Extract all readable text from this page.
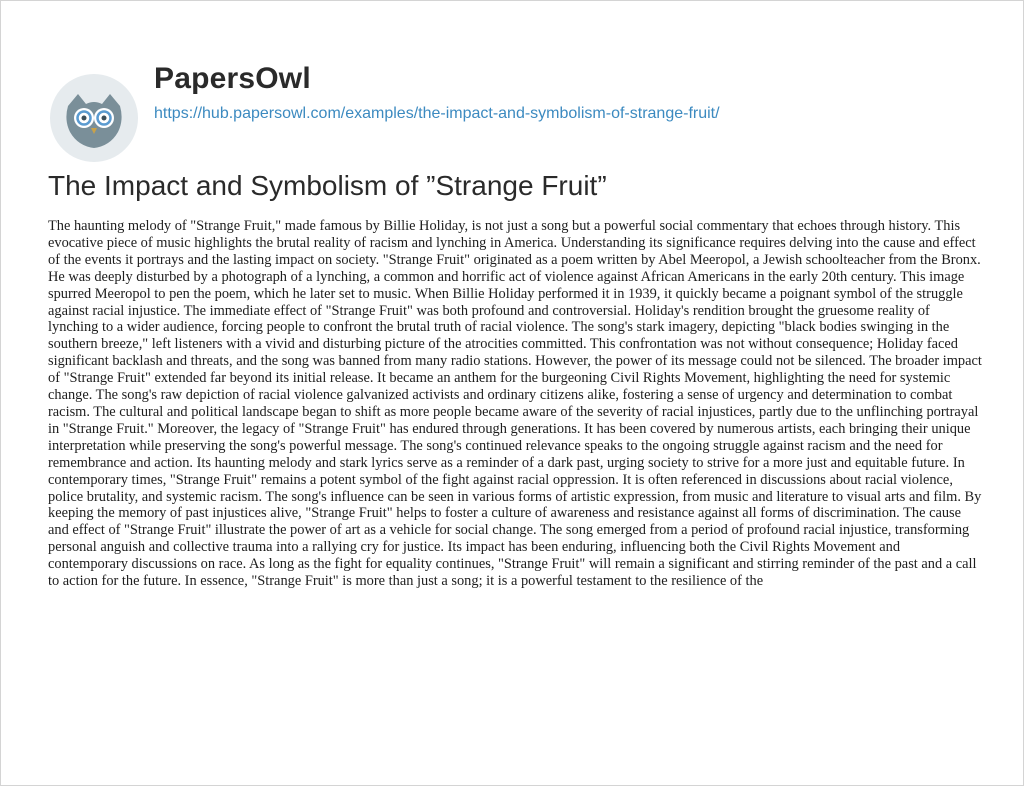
PapersOwl
https://hub.papersowl.com/examples/the-impact-and-symbolism-of-strange-fruit/
The Impact and Symbolism of ”Strange Fruit”

The haunting melody of "Strange Fruit," made famous by Billie Holiday, is not just a song but a powerful social commentary that echoes through history. This evocative piece of music highlights the brutal reality of racism and lynching in America. Understanding its significance requires delving into the cause and effect of the events it portrays and the lasting impact on society. "Strange Fruit" originated as a poem written by Abel Meeropol, a Jewish schoolteacher from the Bronx. He was deeply disturbed by a photograph of a lynching, a common and horrific act of violence against African Americans in the early 20th century. This image spurred Meeropol to pen the poem, which he later set to music. When Billie Holiday performed it in 1939, it quickly became a poignant symbol of the struggle against racial injustice. The immediate effect of "Strange Fruit" was both profound and controversial. Holiday's rendition brought the gruesome reality of lynching to a wider audience, forcing people to confront the brutal truth of racial violence. The song's stark imagery, depicting "black bodies swinging in the southern breeze," left listeners with a vivid and disturbing picture of the atrocities committed. This confrontation was not without consequence; Holiday faced significant backlash and threats, and the song was banned from many radio stations. However, the power of its message could not be silenced. The broader impact of "Strange Fruit" extended far beyond its initial release. It became an anthem for the burgeoning Civil Rights Movement, highlighting the need for systemic change. The song's raw depiction of racial violence galvanized activists and ordinary citizens alike, fostering a sense of urgency and determination to combat racism. The cultural and political landscape began to shift as more people became aware of the severity of racial injustices, partly due to the unflinching portrayal in "Strange Fruit." Moreover, the legacy of "Strange Fruit" has endured through generations. It has been covered by numerous artists, each bringing their unique interpretation while preserving the song's powerful message. The song's continued relevance speaks to the ongoing struggle against racism and the need for remembrance and action. Its haunting melody and stark lyrics serve as a reminder of a dark past, urging society to strive for a more just and equitable future. In contemporary times, "Strange Fruit" remains a potent symbol of the fight against racial oppression. It is often referenced in discussions about racial violence, police brutality, and systemic racism. The song's influence can be seen in various forms of artistic expression, from music and literature to visual arts and film. By keeping the memory of past injustices alive, "Strange Fruit" helps to foster a culture of awareness and resistance against all forms of discrimination. The cause and effect of "Strange Fruit" illustrate the power of art as a vehicle for social change. The song emerged from a period of profound racial injustice, transforming personal anguish and collective trauma into a rallying cry for justice. Its impact has been enduring, influencing both the Civil Rights Movement and contemporary discussions on race. As long as the fight for equality continues, "Strange Fruit" will remain a significant and stirring reminder of the past and a call to action for the future. In essence, "Strange Fruit" is more than just a song; it is a powerful testament to the resilience of the
